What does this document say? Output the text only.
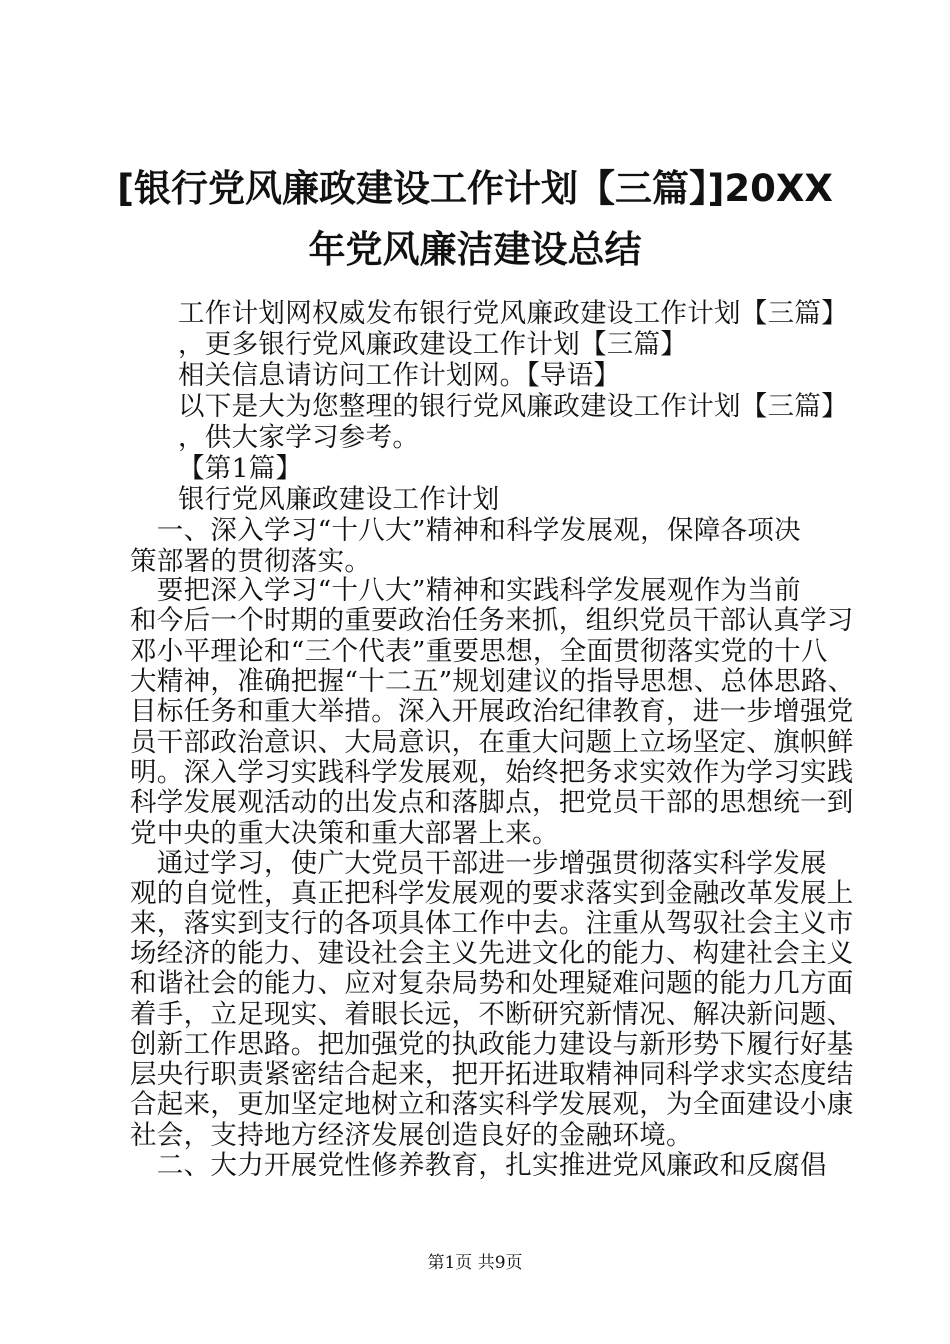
[银行党风廉政建设工作计划【三篇】]20XX
年党风廉洁建设总结
工作计划网权威发布银行党风廉政建设工作计划【三篇】
，更多银行党风廉政建设工作计划【三篇】
相关信息请访问工作计划网。【导语】
以下是大为您整理的银行党风廉政建设工作计划【三篇】
，供大家学习参考。
【第1篇】
银行党风廉政建设工作计划
　一、深入学习“十八大”精神和科学发展观，保障各项决
策部署的贯彻落实。
　要把深入学习“十八大”精神和实践科学发展观作为当前
和今后一个时期的重要政治任务来抓，组织党员干部认真学习
邓小平理论和“三个代表”重要思想，全面贯彻落实党的十八
大精神，准确把握“十二五”规划建议的指导思想、总体思路、
目标任务和重大举措。深入开展政治纪律教育，进一步增强党
员干部政治意识、大局意识，在重大问题上立场坚定、旗帜鲜
明。深入学习实践科学发展观，始终把务求实效作为学习实践
科学发展观活动的出发点和落脚点，把党员干部的思想统一到
党中央的重大决策和重大部署上来。
　通过学习，使广大党员干部进一步增强贯彻落实科学发展
观的自觉性，真正把科学发展观的要求落实到金融改革发展上
来，落实到支行的各项具体工作中去。注重从驾驭社会主义市
场经济的能力、建设社会主义先进文化的能力、构建社会主义
和谐社会的能力、应对复杂局势和处理疑难问题的能力几方面
着手，立足现实、着眼长远，不断研究新情况、解决新问题、
创新工作思路。把加强党的执政能力建设与新形势下履行好基
层央行职责紧密结合起来，把开拓进取精神同科学求实态度结
合起来，更加坚定地树立和落实科学发展观，为全面建设小康
社会，支持地方经济发展创造良好的金融环境。
　二、大力开展党性修养教育，扎实推进党风廉政和反腐倡
第1页 共9页
